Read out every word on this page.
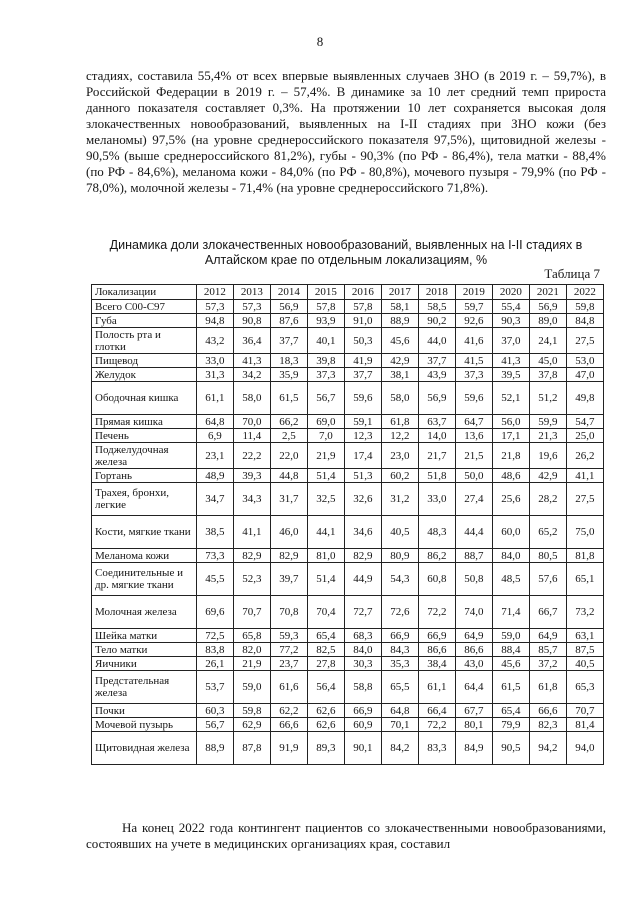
8

стадиях, составила 55,4% от всех впервые выявленных случаев ЗНО (в 2019 г. – 59,7%), в Российской Федерации в 2019 г. – 57,4%. В динамике за 10 лет средний темп прироста данного показателя составляет 0,3%. На протяжении 10 лет сохраняется высокая доля злокачественных новообразований, выявленных на I-II стадиях при ЗНО кожи (без меланомы) 97,5% (на уровне среднероссийского показателя 97,5%), щитовидной железы - 90,5% (выше среднероссийского 81,2%), губы - 90,3% (по РФ - 86,4%), тела матки - 88,4% (по РФ - 84,6%), меланома кожи - 84,0% (по РФ - 80,8%), мочевого пузыря - 79,9% (по РФ - 78,0%), молочной железы - 71,4% (на уровне среднероссийского 71,8%).

Динамика доли злокачественных новообразований, выявленных на I-II стадиях в Алтайском крае по отдельным локализациям, %
Таблица 7
Локализации	2012	2013	2014	2015	2016	2017	2018	2019	2020	2021	2022
Всего С00-С97	57,3	57,3	56,9	57,8	57,8	58,1	58,5	59,7	55,4	56,9	59,8
Губа	94,8	90,8	87,6	93,9	91,0	88,9	90,2	92,6	90,3	89,0	84,8
Полость рта и глотки	43,2	36,4	37,7	40,1	50,3	45,6	44,0	41,6	37,0	24,1	27,5
Пищевод	33,0	41,3	18,3	39,8	41,9	42,9	37,7	41,5	41,3	45,0	53,0
Желудок	31,3	34,2	35,9	37,3	37,7	38,1	43,9	37,3	39,5	37,8	47,0
Ободочная кишка	61,1	58,0	61,5	56,7	59,6	58,0	56,9	59,6	52,1	51,2	49,8
Прямая кишка	64,8	70,0	66,2	69,0	59,1	61,8	63,7	64,7	56,0	59,9	54,7
Печень	6,9	11,4	2,5	7,0	12,3	12,2	14,0	13,6	17,1	21,3	25,0
Поджелудочная железа	23,1	22,2	22,0	21,9	17,4	23,0	21,7	21,5	21,8	19,6	26,2
Гортань	48,9	39,3	44,8	51,4	51,3	60,2	51,8	50,0	48,6	42,9	41,1
Трахея, бронхи, легкие	34,7	34,3	31,7	32,5	32,6	31,2	33,0	27,4	25,6	28,2	27,5
Кости, мягкие ткани	38,5	41,1	46,0	44,1	34,6	40,5	48,3	44,4	60,0	65,2	75,0
Меланома кожи	73,3	82,9	82,9	81,0	82,9	80,9	86,2	88,7	84,0	80,5	81,8
Соединительные и др. мягкие ткани	45,5	52,3	39,7	51,4	44,9	54,3	60,8	50,8	48,5	57,6	65,1
Молочная железа	69,6	70,7	70,8	70,4	72,7	72,6	72,2	74,0	71,4	66,7	73,2
Шейка матки	72,5	65,8	59,3	65,4	68,3	66,9	66,9	64,9	59,0	64,9	63,1
Тело матки	83,8	82,0	77,2	82,5	84,0	84,3	86,6	86,6	88,4	85,7	87,5
Яичники	26,1	21,9	23,7	27,8	30,3	35,3	38,4	43,0	45,6	37,2	40,5
Предстательная железа	53,7	59,0	61,6	56,4	58,8	65,5	61,1	64,4	61,5	61,8	65,3
Почки	60,3	59,8	62,2	62,6	66,9	64,8	66,4	67,7	65,4	66,6	70,7
Мочевой пузырь	56,7	62,9	66,6	62,6	60,9	70,1	72,2	80,1	79,9	82,3	81,4
Щитовидная железа	88,9	87,8	91,9	89,3	90,1	84,2	83,3	84,9	90,5	94,2	94,0

На конец 2022 года контингент пациентов со злокачественными новообразованиями, состоявших на учете в медицинских организациях края, составил
